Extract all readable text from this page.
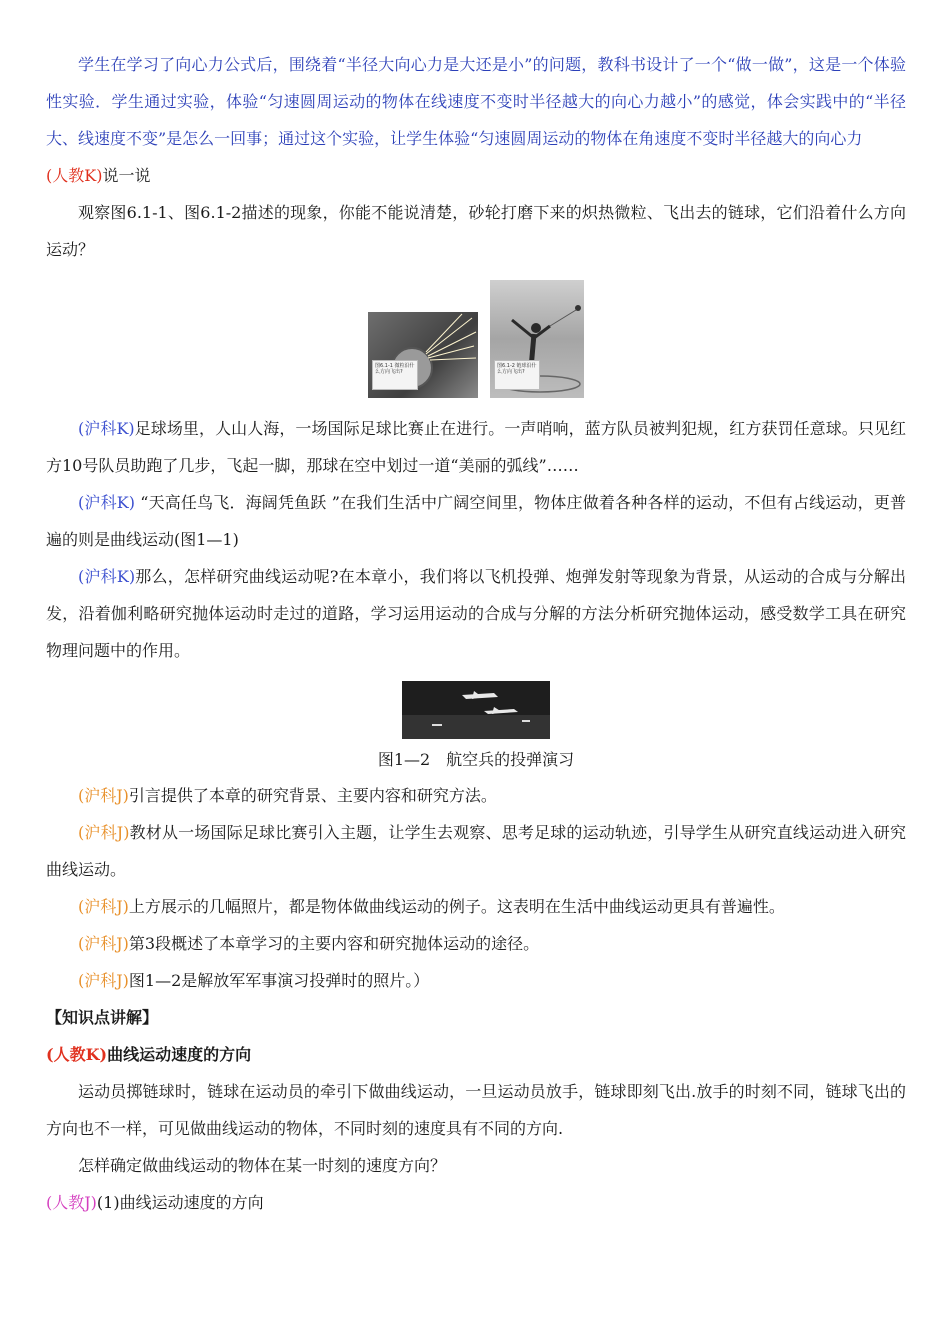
学生在学习了向心力公式后，围绕着“半径大向心力是大还是小”的问题，教科书设计了一个“做一做”，这是一个体验性实验．学生通过实验，体验“匀速圆周运动的物体在线速度不变时半径越大的向心力越小”的感觉，体会实践中的“半径大、线速度不变”是怎么一回事；通过这个实验，让学生体验“匀速圆周运动的物体在角速度不变时半径越大的向心力

(人教K)说一说

观察图6.1-1、图6.1-2描述的现象，你能不能说清楚，砂轮打磨下来的炽热微粒、飞出去的链球，它们沿着什么方向运动？

图6.1-1 微粒沿什么方向飞出?
图6.1-2 链球沿什么方向飞出?

(沪科K)足球场里，人山人海，一场国际足球比赛止在进行。一声哨响，蓝方队员被判犯规，红方获罚任意球。只见红方10号队员助跑了几步，飞起一脚，那球在空中划过一道“美丽的弧线”……

(沪科K) “天高任鸟飞．海阔凭鱼跃 ”在我们生活中广阔空间里，物体庄做着各种各样的运动，不但有占线运动，更普遍的则是曲线运动(图1—1)

(沪科K)那么，怎样研究曲线运动呢?在本章小，我们将以飞机投弹、炮弹发射等现象为背景，从运动的合成与分解出发，沿着伽利略研究抛体运动时走过的道路，学习运用运动的合成与分解的方法分析研究抛体运动，感受数学工具在研究物理问题中的作用。

图1—2　航空兵的投弹演习

(沪科J)引言提供了本章的研究背景、主要内容和研究方法。

(沪科J)教材从一场国际足球比赛引入主题，让学生去观察、思考足球的运动轨迹，引导学生从研究直线运动进入研究曲线运动。

(沪科J)上方展示的几幅照片，都是物体做曲线运动的例子。这表明在生活中曲线运动更具有普遍性。

(沪科J)第3段概述了本章学习的主要内容和研究抛体运动的途径。

(沪科J)图1—2是解放军军事演习投弹时的照片。）

【知识点讲解】

(人教K)曲线运动速度的方向

运动员掷链球时，链球在运动员的牵引下做曲线运动，一旦运动员放手，链球即刻飞出.放手的时刻不同，链球飞出的方向也不一样，可见做曲线运动的物体，不同时刻的速度具有不同的方向.

怎样确定做曲线运动的物体在某一时刻的速度方向？

(人教J)(1)曲线运动速度的方向
